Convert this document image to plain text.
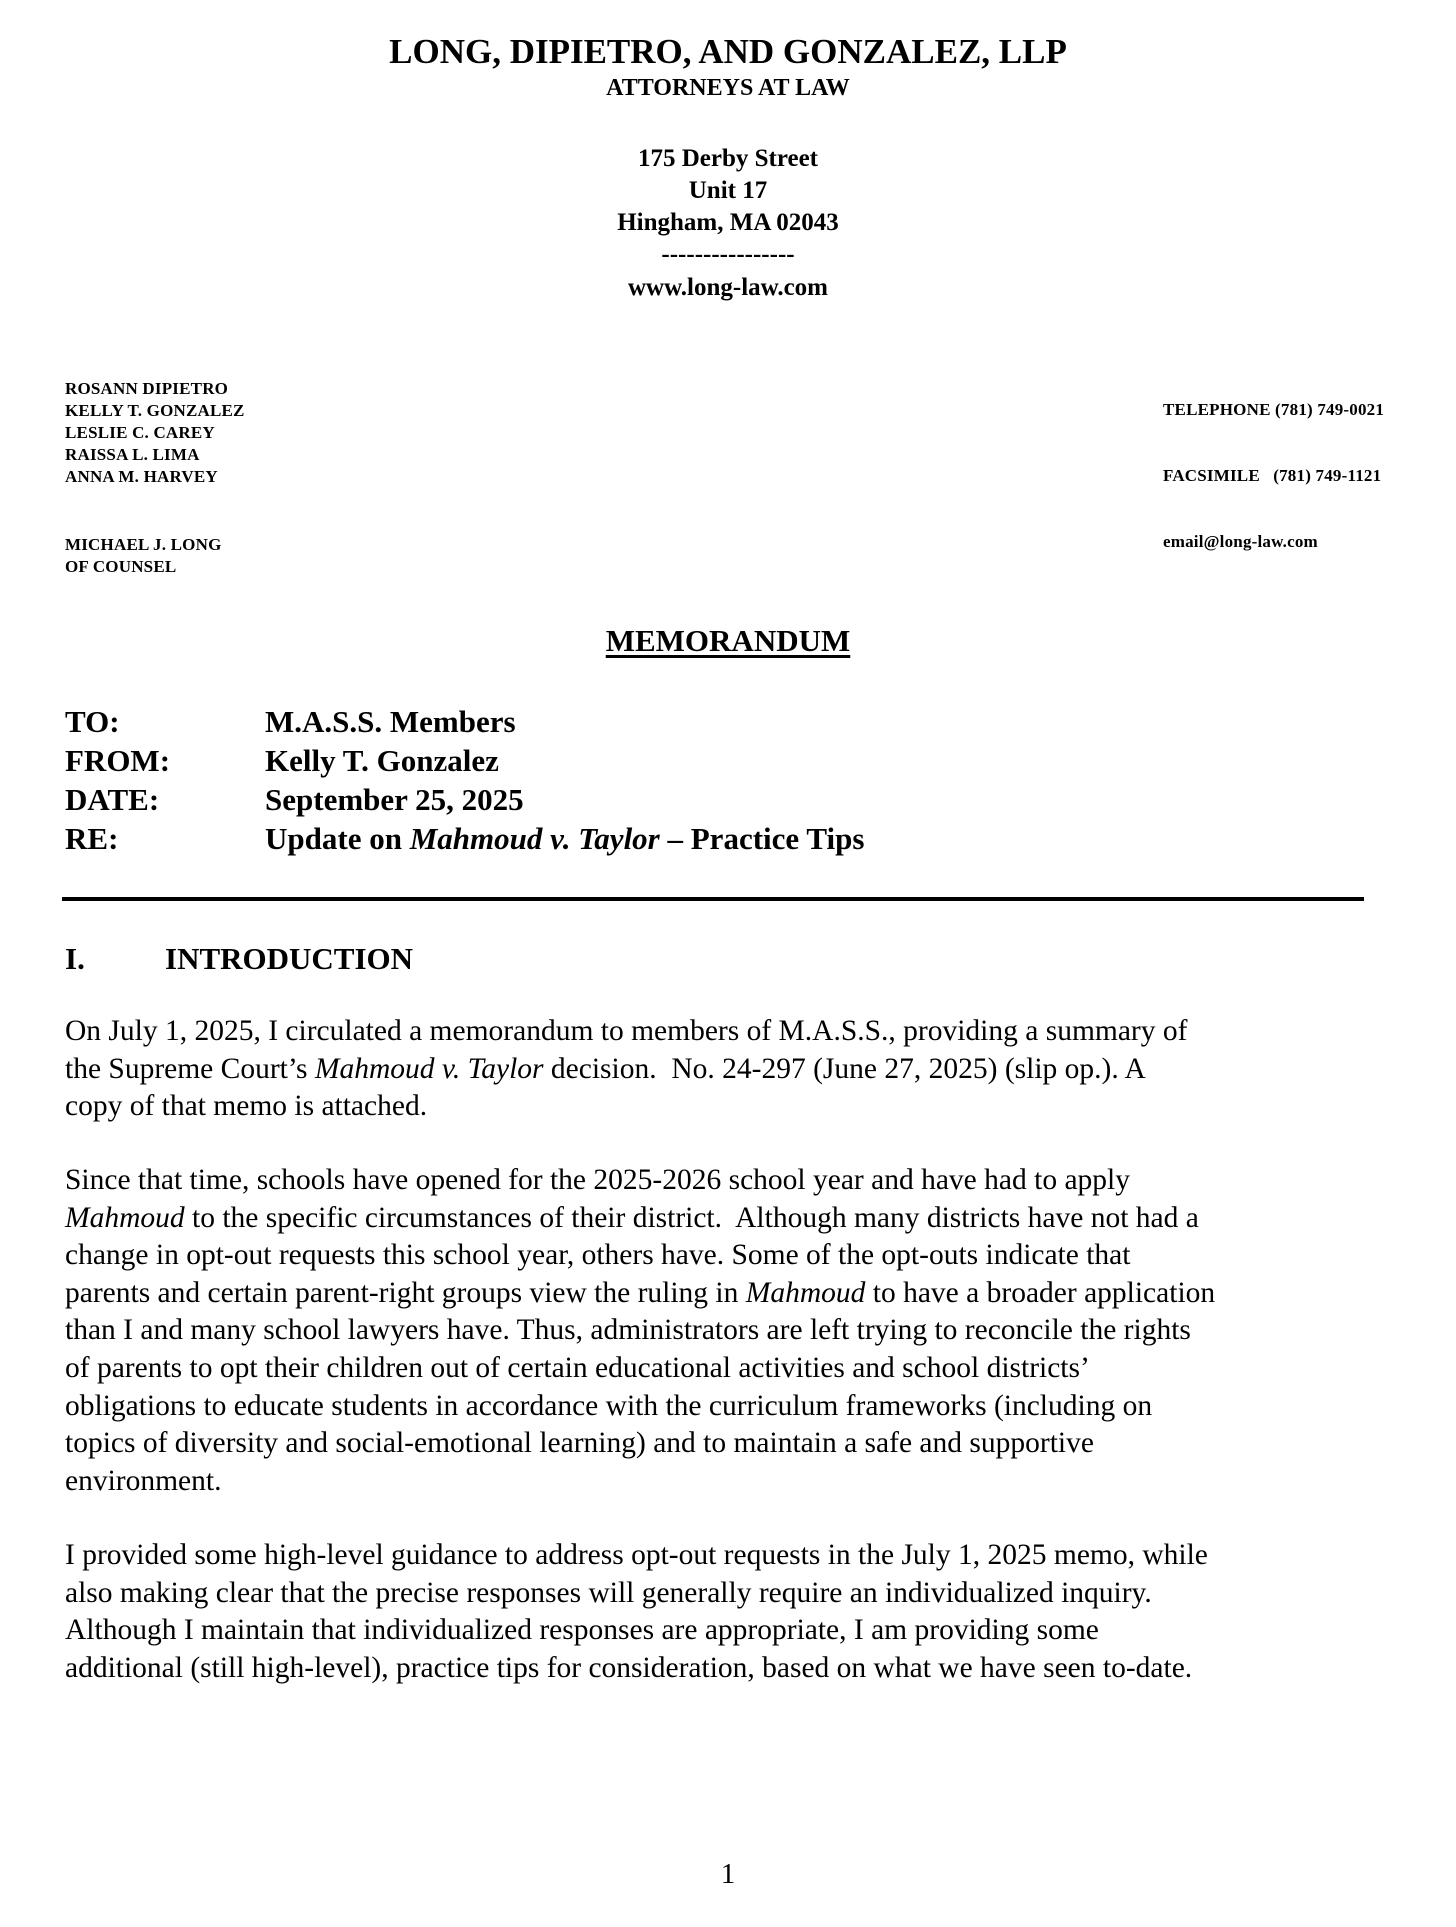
LONG, DIPIETRO, AND GONZALEZ, LLP
ATTORNEYS AT LAW
175 Derby Street
Unit 17
Hingham, MA 02043
----------------
www.long-law.com
ROSANN DIPIETRO
KELLY T. GONZALEZ
LESLIE C. CAREY
RAISSA L. LIMA
ANNA M. HARVEY
MICHAEL J. LONG
OF COUNSEL

TELEPHONE (781) 749-0021

FACSIMILE   (781) 749-1121

email@long-law.com

MEMORANDUM
TO:	M.A.S.S. Members
FROM:	Kelly T. Gonzalez
DATE:	September 25, 2025
RE:	Update on Mahmoud v. Taylor – Practice Tips
I.	INTRODUCTION

On July 1, 2025, I circulated a memorandum to members of M.A.S.S., providing a summary of
the Supreme Court’s Mahmoud v. Taylor decision.  No. 24-297 (June 27, 2025) (slip op.). A
copy of that memo is attached.

Since that time, schools have opened for the 2025-2026 school year and have had to apply
Mahmoud to the specific circumstances of their district.  Although many districts have not had a
change in opt-out requests this school year, others have. Some of the opt-outs indicate that
parents and certain parent-right groups view the ruling in Mahmoud to have a broader application
than I and many school lawyers have. Thus, administrators are left trying to reconcile the rights
of parents to opt their children out of certain educational activities and school districts’
obligations to educate students in accordance with the curriculum frameworks (including on
topics of diversity and social-emotional learning) and to maintain a safe and supportive
environment.

I provided some high-level guidance to address opt-out requests in the July 1, 2025 memo, while
also making clear that the precise responses will generally require an individualized inquiry.
Although I maintain that individualized responses are appropriate, I am providing some
additional (still high-level), practice tips for consideration, based on what we have seen to-date.

1
